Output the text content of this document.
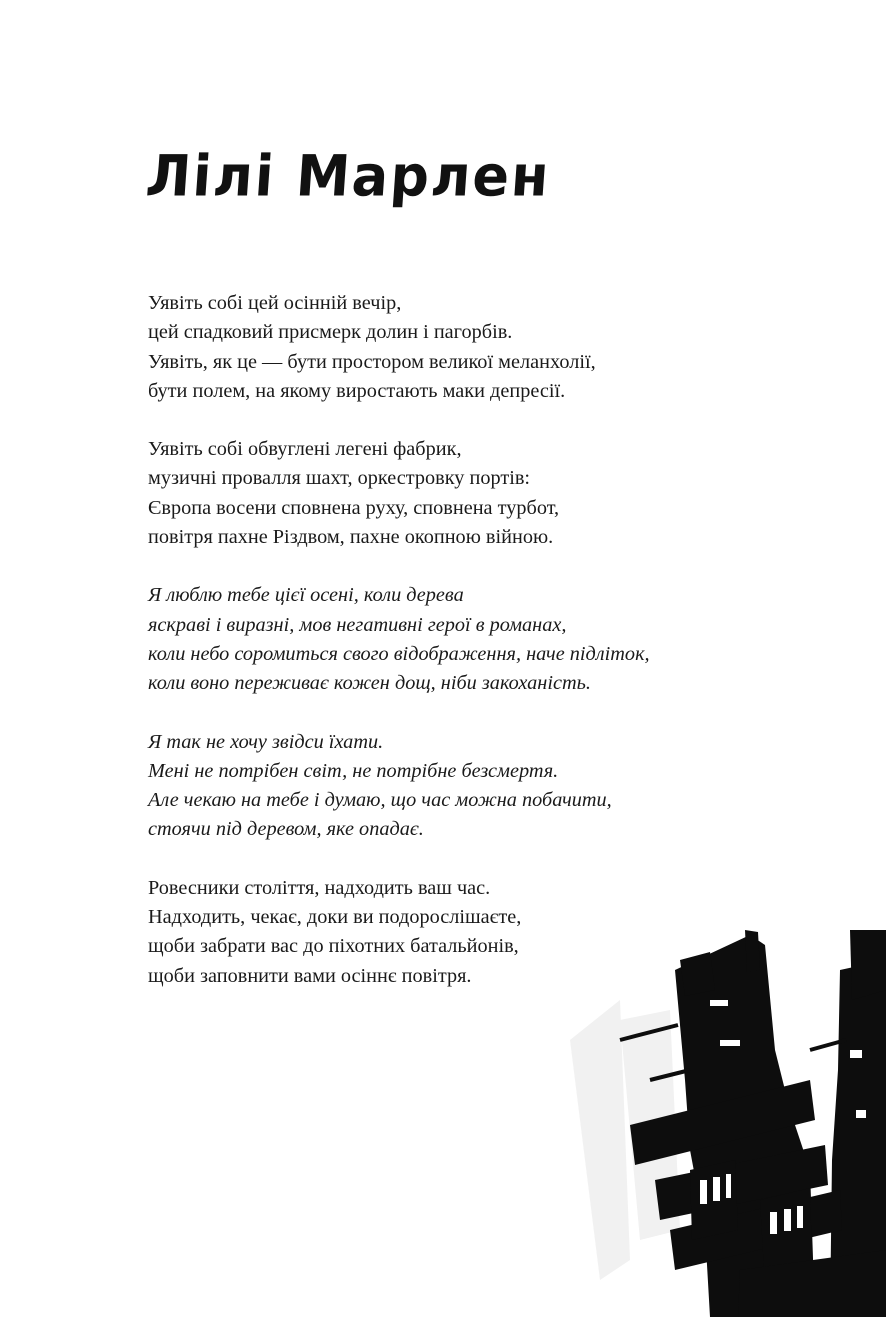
Лілі Марлен
Уявіть собі цей осінній вечір,
цей спадковий присмерк долин і пагорбів.
Уявіть, як це — бути простором великої меланхолії,
бути полем, на якому виростають маки депресії.
Уявіть собі обвуглені легені фабрик,
музичні провалля шахт, оркестровку портів:
Європа восени сповнена руху, сповнена турбот,
повітря пахне Різдвом, пахне окопною війною.
Я люблю тебе цієї осені, коли дерева
яскраві і виразні, мов негативні герої в романах,
коли небо соромиться свого відображення, наче підліток,
коли воно переживає кожен дощ, ніби закоханість.
Я так не хочу звідси їхати.
Мені не потрібен світ, не потрібне безсмертя.
Але чекаю на тебе і думаю, що час можна побачити,
стоячи під деревом, яке опадає.
Ровесники століття, надходить ваш час.
Надходить, чекає, доки ви подорослішаєте,
щоби забрати вас до піхотних батальйонів,
щоби заповнити вами осіннє повітря.
